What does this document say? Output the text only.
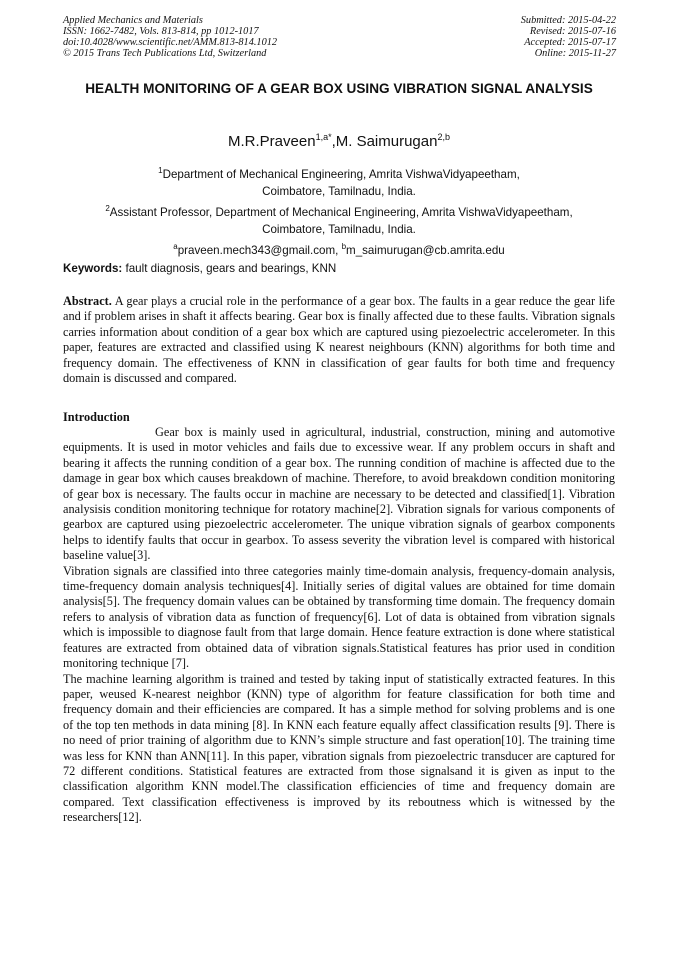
Applied Mechanics and Materials
ISSN: 1662-7482, Vols. 813-814, pp 1012-1017
doi:10.4028/www.scientific.net/AMM.813-814.1012
© 2015 Trans Tech Publications Ltd, Switzerland
Submitted: 2015-04-22
Revised: 2015-07-16
Accepted: 2015-07-17
Online: 2015-11-27
HEALTH MONITORING OF A GEAR BOX USING VIBRATION SIGNAL ANALYSIS
M.R.Praveen$^{1,a*}$,M. Saimurugan$^{2,b}$
$^1$Department of Mechanical Engineering, Amrita VishwaVidyapeetham,
Coimbatore, Tamilnadu, India.
$^2$Assistant Professor, Department of Mechanical Engineering, Amrita VishwaVidyapeetham,
Coimbatore, Tamilnadu, India.
$^a$praveen.mech343@gmail.com, $^b$m_saimurugan@cb.amrita.edu
Keywords: fault diagnosis, gears and bearings, KNN
Abstract. A gear plays a crucial role in the performance of a gear box. The faults in a gear reduce the gear life and if problem arises in shaft it affects bearing. Gear box is finally affected due to these faults. Vibration signals carries information about condition of a gear box which are captured using piezoelectric accelerometer. In this paper, features are extracted and classified using K nearest neighbours (KNN) algorithms for both time and frequency domain. The effectiveness of KNN in classification of gear faults for both time and frequency domain is discussed and compared.
Introduction

Gear box is mainly used in agricultural, industrial, construction, mining and automotive equipments. It is used in motor vehicles and fails due to excessive wear. If any problem occurs in shaft and bearing it affects the running condition of a gear box. The running condition of machine is affected due to the damage in gear box which causes breakdown of machine. Therefore, to avoid breakdown condition monitoring of gear box is necessary. The faults occur in machine are necessary to be detected and classified[1]. Vibration analysisis condition monitoring technique for rotatory machine[2]. Vibration signals for various components of gearbox are captured using piezoelectric accelerometer. The unique vibration signals of gearbox components helps to identify faults that occur in gearbox. To assess severity the vibration level is compared with historical baseline value[3].

Vibration signals are classified into three categories mainly time-domain analysis, frequency-domain analysis, time-frequency domain analysis techniques[4]. Initially series of digital values are obtained for time domain analysis[5]. The frequency domain values can be obtained by transforming time domain. The frequency domain refers to analysis of vibration data as function of frequency[6]. Lot of data is obtained from vibration signals which is impossible to diagnose fault from that large domain. Hence feature extraction is done where statistical features are extracted from obtained data of vibration signals.Statistical features has prior used in condition monitoring technique [7].

The machine learning algorithm is trained and tested by taking input of statistically extracted features. In this paper, weused K-nearest neighbor (KNN) type of algorithm for feature classification for both time and frequency domain and their efficiencies are compared. It has a simple method for solving problems and is one of the top ten methods in data mining [8]. In KNN each feature equally affect classification results [9]. There is no need of prior training of algorithm due to KNN’s simple structure and fast operation[10]. The training time was less for KNN than ANN[11]. In this paper, vibration signals from piezoelectric transducer are captured for 72 different conditions. Statistical features are extracted from those signalsand it is given as input to the classification algorithm KNN model.The classification efficiencies of time and frequency domain are compared. Text classification effectiveness is improved by its reboutness which is witnessed by the researchers[12].
